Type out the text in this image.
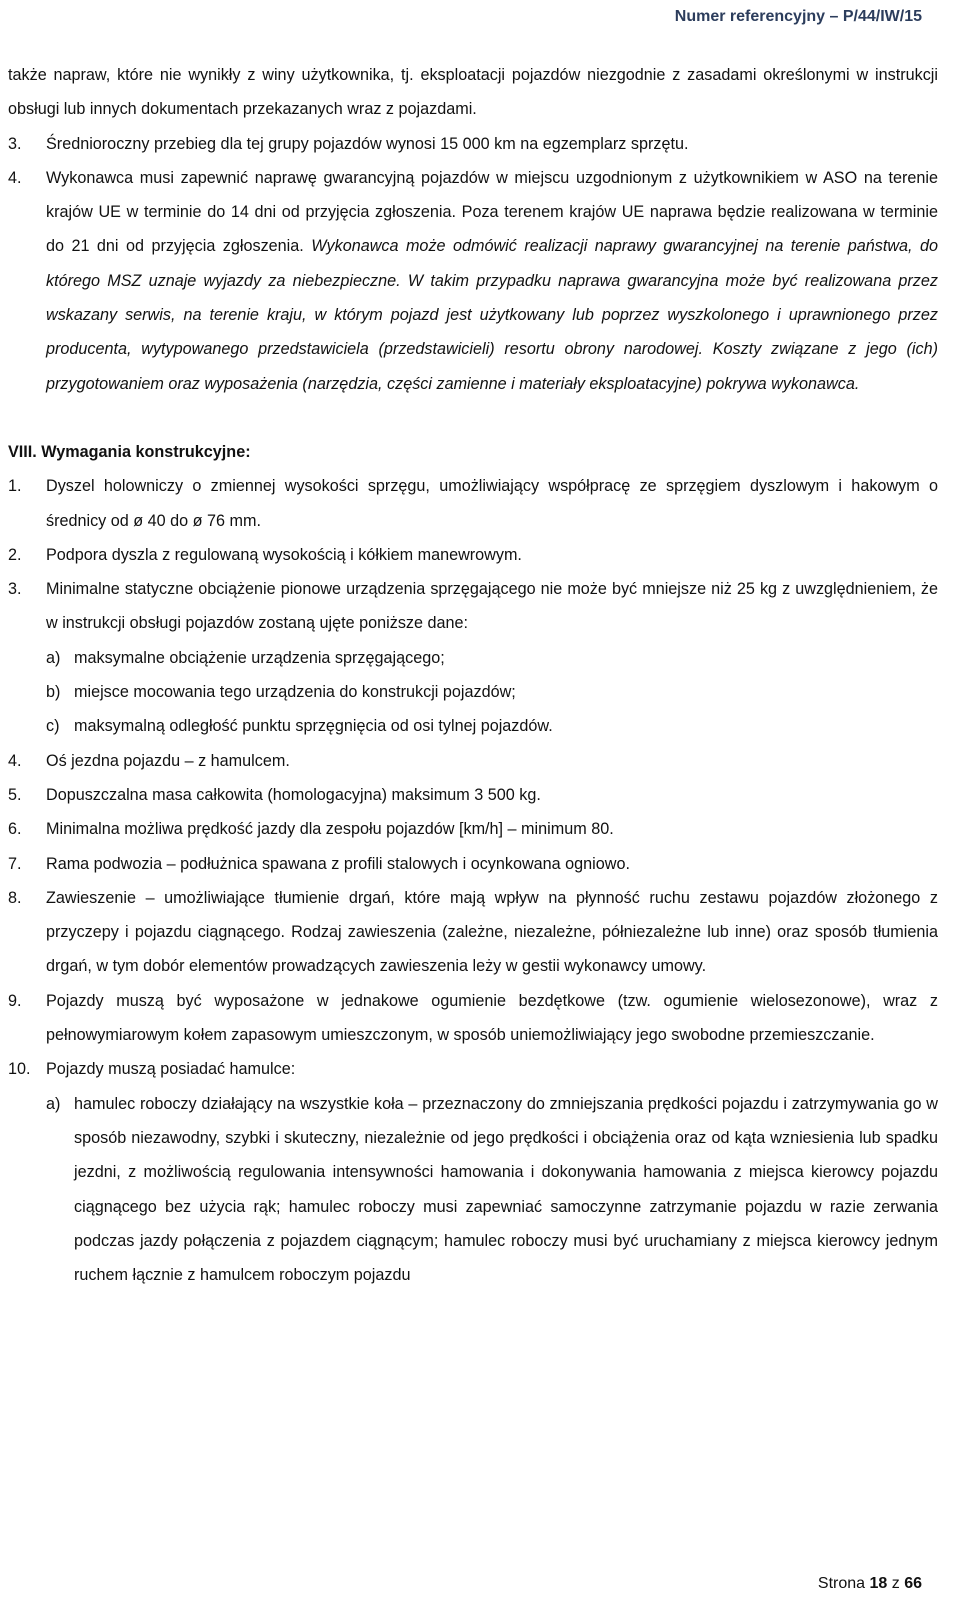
Numer referencyjny – P/44/IW/15
także napraw, które nie wynikły z winy użytkownika, tj. eksploatacji pojazdów niezgodnie z zasadami określonymi w instrukcji obsługi lub innych dokumentach przekazanych wraz z pojazdami.
3.	Średnioroczny przebieg dla tej grupy pojazdów wynosi 15 000 km na egzemplarz sprzętu.
4.	Wykonawca musi zapewnić naprawę gwarancyjną pojazdów w miejscu uzgodnionym z użytkownikiem w ASO na terenie krajów UE w terminie do 14 dni od przyjęcia zgłoszenia. Poza terenem krajów UE naprawa będzie realizowana w terminie do 21 dni od przyjęcia zgłoszenia. Wykonawca może odmówić realizacji naprawy gwarancyjnej na terenie państwa, do którego MSZ uznaje wyjazdy za niebezpieczne. W takim przypadku naprawa gwarancyjna może być realizowana przez wskazany serwis, na terenie kraju, w którym pojazd jest użytkowany lub poprzez wyszkolonego i uprawnionego przez producenta, wytypowanego przedstawiciela (przedstawicieli) resortu obrony narodowej. Koszty związane z jego (ich) przygotowaniem oraz wyposażenia (narzędzia, części zamienne i materiały eksploatacyjne) pokrywa wykonawca.
VIII. Wymagania konstrukcyjne:
1.	Dyszel holowniczy o zmiennej wysokości sprzęgu, umożliwiający współpracę ze sprzęgiem dyszlowym i hakowym o średnicy od ø 40 do ø 76 mm.
2.	Podpora dyszla z regulowaną wysokością i kółkiem manewrowym.
3.	Minimalne statyczne obciążenie pionowe urządzenia sprzęgającego nie może być mniejsze niż 25 kg z uwzględnieniem, że w instrukcji obsługi pojazdów zostaną ujęte poniższe dane:
a) maksymalne obciążenie urządzenia sprzęgającego;
b) miejsce mocowania tego urządzenia do konstrukcji pojazdów;
c) maksymalną odległość punktu sprzęgnięcia od osi tylnej pojazdów.
4.	Oś jezdna pojazdu – z hamulcem.
5.	Dopuszczalna masa całkowita (homologacyjna) maksimum 3 500 kg.
6.	Minimalna możliwa prędkość jazdy dla zespołu pojazdów [km/h] – minimum 80.
7.	Rama podwozia – podłużnica spawana z profili stalowych i ocynkowana ogniowo.
8.	Zawieszenie – umożliwiające tłumienie drgań, które mają wpływ na płynność ruchu zestawu pojazdów złożonego z przyczepy i pojazdu ciągnącego. Rodzaj zawieszenia (zależne, niezależne, półniezależne lub inne) oraz sposób tłumienia drgań, w tym dobór elementów prowadzących zawieszenia leży w gestii wykonawcy umowy.
9.	Pojazdy muszą być wyposażone w jednakowe ogumienie bezdętkowe (tzw. ogumienie wielosezonowe), wraz z pełnowymiarowym kołem zapasowym umieszczonym, w sposób uniemożliwiający jego swobodne przemieszczanie.
10. Pojazdy muszą posiadać hamulce:
a) hamulec roboczy działający na wszystkie koła – przeznaczony do zmniejszania prędkości pojazdu i zatrzymywania go w sposób niezawodny, szybki i skuteczny, niezależnie od jego prędkości i obciążenia oraz od kąta wzniesienia lub spadku jezdni, z możliwością regulowania intensywności hamowania i dokonywania hamowania z miejsca kierowcy pojazdu ciągnącego bez użycia rąk; hamulec roboczy musi zapewniać samoczynne zatrzymanie pojazdu w razie zerwania podczas jazdy połączenia z pojazdem ciągnącym; hamulec roboczy musi być uruchamiany z miejsca kierowcy jednym ruchem łącznie z hamulcem roboczym pojazdu
Strona 18 z 66
